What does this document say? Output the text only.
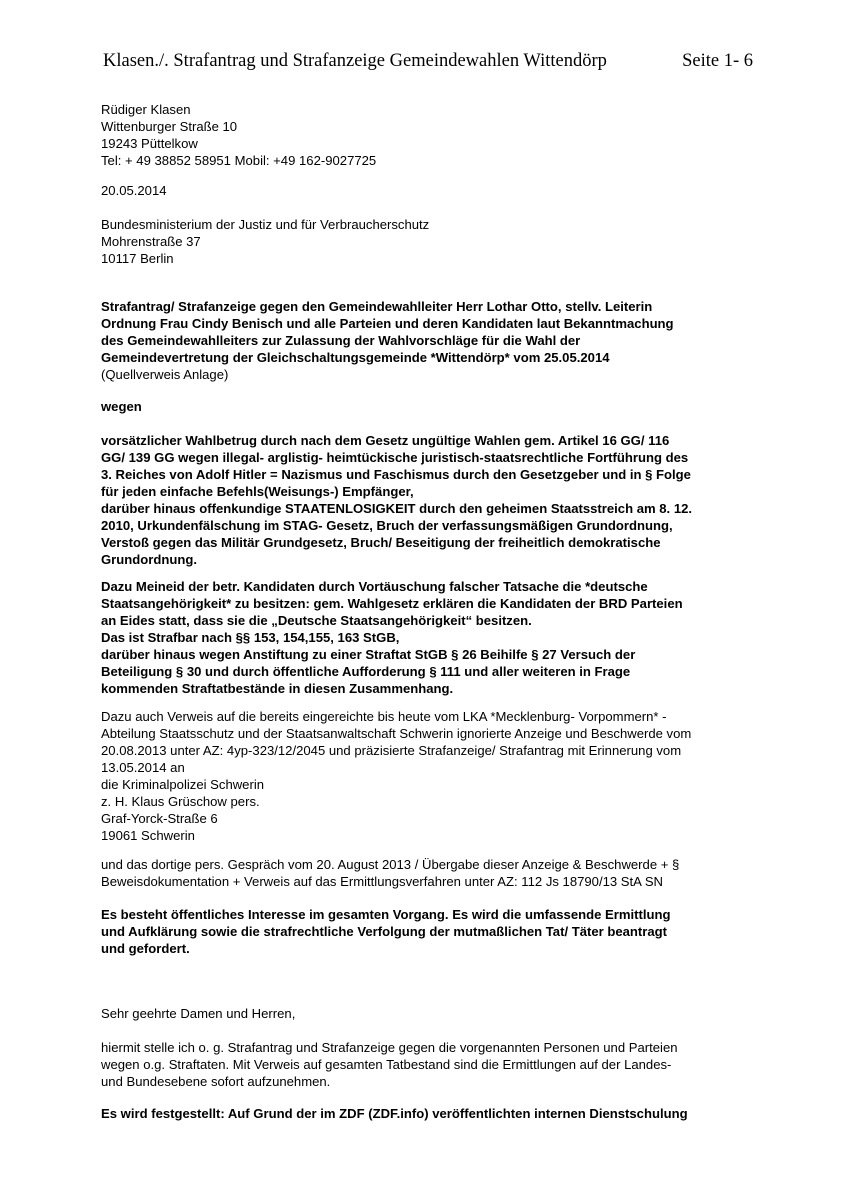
Klasen./. Strafantrag und Strafanzeige Gemeindewahlen Wittendörp	Seite 1- 6
Rüdiger Klasen
Wittenburger Straße 10
19243 Püttelkow
Tel: + 49 38852 58951 Mobil: +49 162-9027725
20.05.2014
Bundesministerium der Justiz und für Verbraucherschutz
Mohrenstraße 37
10117 Berlin
Strafantrag/ Strafanzeige gegen den Gemeindewahlleiter Herr Lothar Otto, stellv. Leiterin
Ordnung Frau Cindy Benisch und alle Parteien und deren Kandidaten laut Bekanntmachung
des Gemeindewahlleiters zur Zulassung der Wahlvorschläge für die Wahl der
Gemeindevertretung der Gleichschaltungsgemeinde *Wittendörp* vom 25.05.2014
(Quellverweis Anlage)
wegen
vorsätzlicher Wahlbetrug durch nach dem Gesetz ungültige Wahlen gem. Artikel 16 GG/ 116
GG/ 139 GG wegen illegal- arglistig- heimtückische juristisch-staatsrechtliche Fortführung des
3. Reiches von Adolf Hitler = Nazismus und Faschismus durch den Gesetzgeber und in § Folge
für jeden einfache Befehls(Weisungs-) Empfänger,
darüber hinaus offenkundige STAATENLOSIGKEIT durch den geheimen Staatsstreich am 8. 12.
2010, Urkundenfälschung im STAG- Gesetz, Bruch der verfassungsmäßigen Grundordnung,
Verstoß gegen das Militär Grundgesetz, Bruch/ Beseitigung der freiheitlich demokratische
Grundordnung.
Dazu Meineid der betr. Kandidaten durch Vortäuschung falscher Tatsache die *deutsche
Staatsangehörigkeit* zu besitzen: gem. Wahlgesetz erklären die Kandidaten der BRD Parteien
an Eides statt, dass sie die „Deutsche Staatsangehörigkeit“ besitzen.
Das ist Strafbar nach §§ 153, 154,155, 163 StGB,
darüber hinaus wegen Anstiftung zu einer Straftat StGB § 26 Beihilfe § 27 Versuch der
Beteiligung § 30 und durch öffentliche Aufforderung § 111 und aller weiteren in Frage
kommenden Straftatbestände in diesen Zusammenhang.
Dazu auch Verweis auf die bereits eingereichte bis heute vom LKA *Mecklenburg- Vorpommern* -
Abteilung Staatsschutz und der Staatsanwaltschaft Schwerin ignorierte Anzeige und Beschwerde vom
20.08.2013 unter AZ: 4yp-323/12/2045 und präzisierte Strafanzeige/ Strafantrag mit Erinnerung vom
13.05.2014 an
die Kriminalpolizei Schwerin
z. H. Klaus Grüschow pers.
Graf-Yorck-Straße 6
19061 Schwerin
und das dortige pers. Gespräch vom 20. August 2013 / Übergabe dieser Anzeige & Beschwerde + §
Beweisdokumentation + Verweis auf das Ermittlungsverfahren unter AZ: 112 Js 18790/13 StA SN
Es besteht öffentliches Interesse im gesamten Vorgang. Es wird die umfassende Ermittlung
und Aufklärung sowie die strafrechtliche Verfolgung der mutmaßlichen Tat/ Täter beantragt
und gefordert.
Sehr geehrte Damen und Herren,
hiermit stelle ich o. g. Strafantrag und Strafanzeige gegen die vorgenannten Personen und Parteien
wegen o.g. Straftaten. Mit Verweis auf gesamten Tatbestand sind die Ermittlungen auf der Landes-
und Bundesebene sofort aufzunehmen.
Es wird festgestellt: Auf Grund der im ZDF (ZDF.info) veröffentlichten internen Dienstschulung
